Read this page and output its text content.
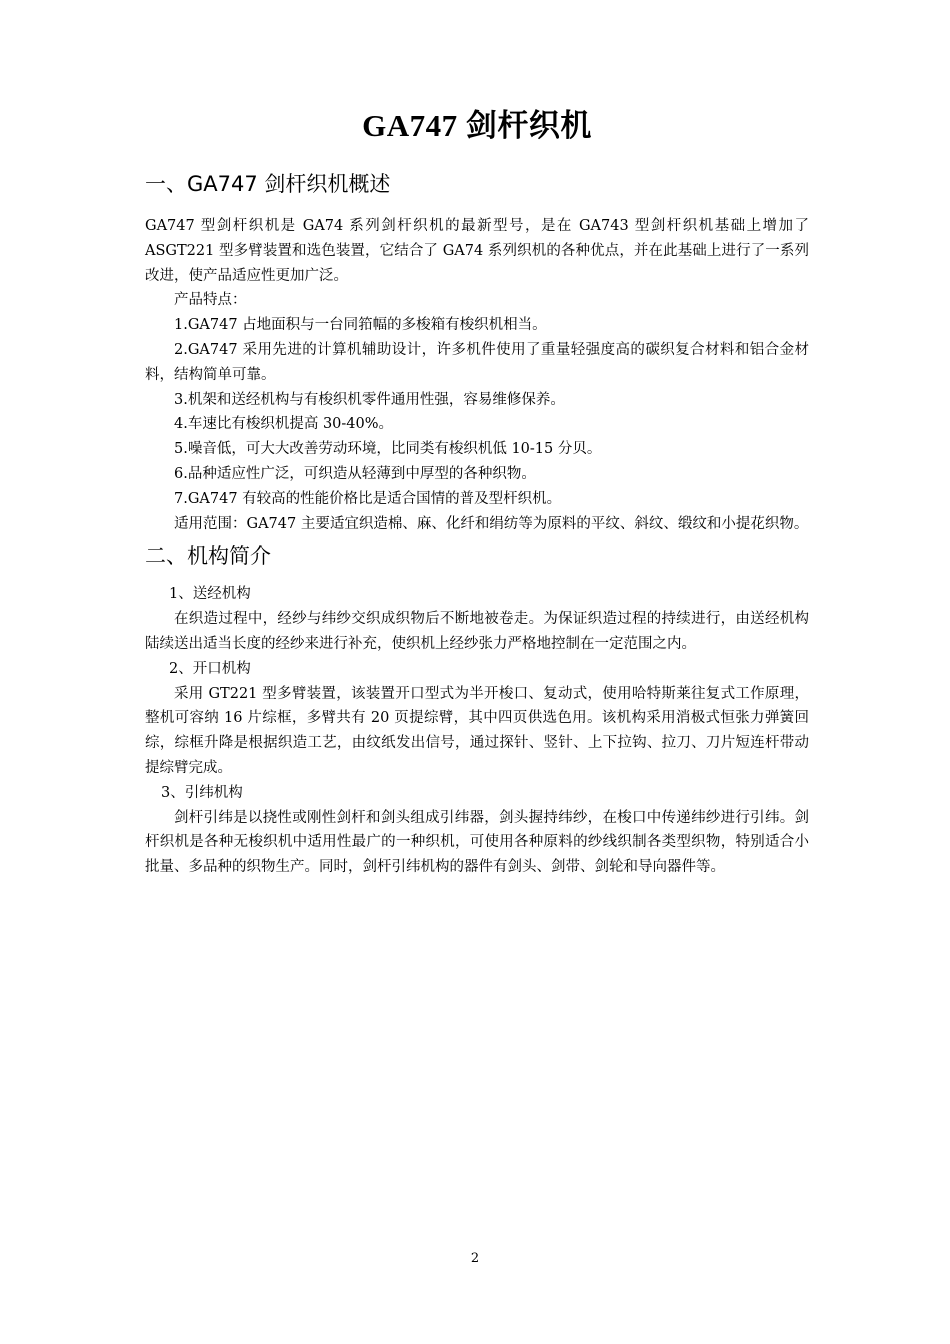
GA747 剑杆织机
一、GA747 剑杆织机概述

GA747 型剑杆织机是 GA74 系列剑杆织机的最新型号，是在 GA743 型剑杆织机基础上增加了 ASGT221 型多臂装置和选色装置，它结合了 GA74 系列织机的各种优点，并在此基础上进行了一系列改进，使产品适应性更加广泛。

产品特点：

1.GA747 占地面积与一台同筘幅的多梭箱有梭织机相当。

2.GA747 采用先进的计算机辅助设计，许多机件使用了重量轻强度高的碳织复合材料和铝合金材料，结构简单可靠。

3.机架和送经机构与有梭织机零件通用性强，容易维修保养。

4.车速比有梭织机提高 30-40%。

5.噪音低，可大大改善劳动环境，比同类有梭织机低 10-15 分贝。

6.品种适应性广泛，可织造从轻薄到中厚型的各种织物。

7.GA747 有较高的性能价格比是适合国情的普及型杆织机。

适用范围：GA747 主要适宜织造棉、麻、化纤和绢纺等为原料的平纹、斜纹、缎纹和小提花织物。

二、机构简介

1、送经机构

在织造过程中，经纱与纬纱交织成织物后不断地被卷走。为保证织造过程的持续进行，由送经机构陆续送出适当长度的经纱来进行补充，使织机上经纱张力严格地控制在一定范围之内。

2、开口机构

采用 GT221 型多臂装置，该装置开口型式为半开梭口、复动式，使用哈特斯莱往复式工作原理，整机可容纳 16 片综框，多臂共有 20 页提综臂，其中四页供选色用。该机构采用消极式恒张力弹簧回综，综框升降是根据织造工艺，由纹纸发出信号，通过探针、竖针、上下拉钩、拉刀、刀片短连杆带动提综臂完成。

3、引纬机构

剑杆引纬是以挠性或刚性剑杆和剑头组成引纬器，剑头握持纬纱，在梭口中传递纬纱进行引纬。剑杆织机是各种无梭织机中适用性最广的一种织机，可使用各种原料的纱线织制各类型织物，特别适合小批量、多品种的织物生产。同时，剑杆引纬机构的器件有剑头、剑带、剑轮和导向器件等。

2
